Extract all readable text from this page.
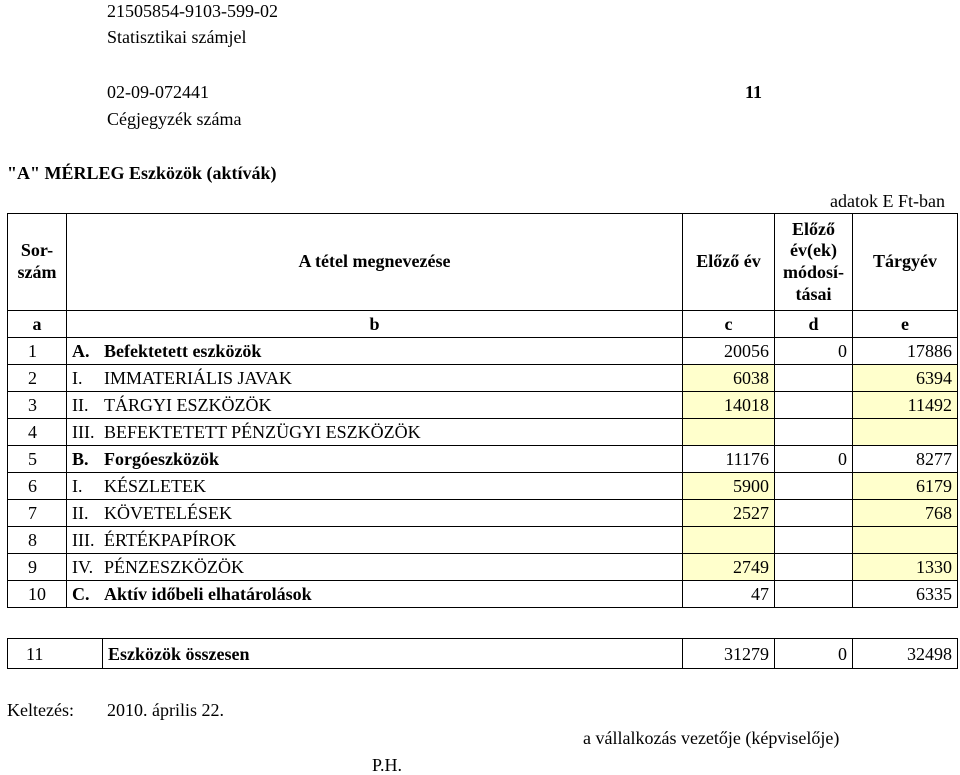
21505854-9103-599-02
Statisztikai számjel
02-09-072441	11
Cégjegyzék száma
"A" MÉRLEG Eszközök (aktívák)
adatok E Ft-ban
Sor-
szám	A tétel megnevezése	Előző év	Előző
év(ek)
módosí-
tásai	Tárgyév
a	b	c	d	e
1	A. Befektetett eszközök	20056	0	17886
2	I. IMMATERIÁLIS JAVAK	6038		6394
3	II. TÁRGYI ESZKÖZÖK	14018		11492
4	III. BEFEKTETETT PÉNZÜGYI ESZKÖZÖK			
5	B. Forgóeszközök	11176	0	8277
6	I. KÉSZLETEK	5900		6179
7	II. KÖVETELÉSEK	2527		768
8	III. ÉRTÉKPAPÍROK			
9	IV. PÉNZESZKÖZÖK	2749		1330
10	C. Aktív időbeli elhatárolások	47		6335
11	Eszközök összesen	31279	0	32498
Keltezés: 2010. április 22.
a vállalkozás vezetője (képviselője)
P.H.
